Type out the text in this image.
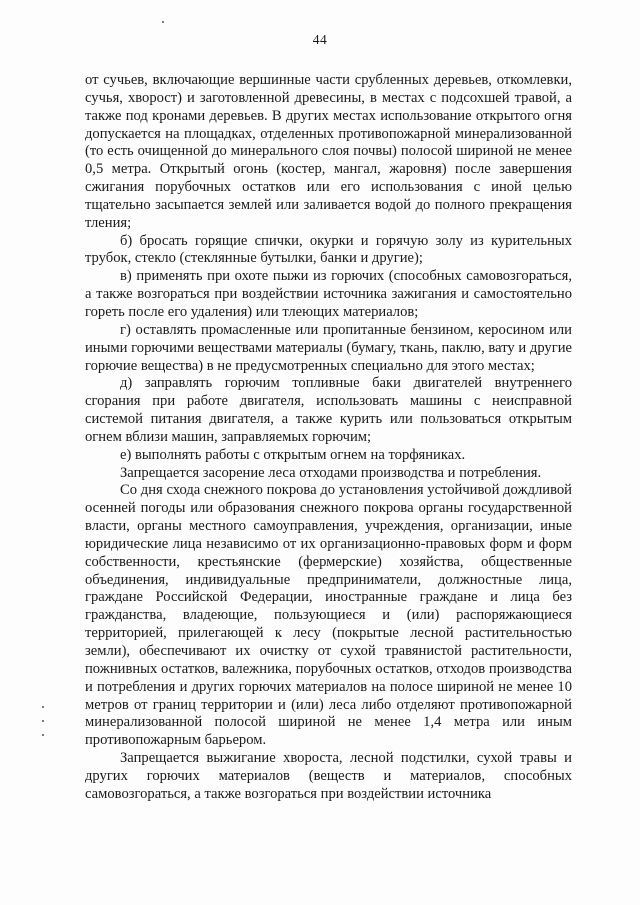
44

от сучьев, включающие вершинные части срубленных деревьев, откомлевки, сучья, хворост) и заготовленной древесины, в местах с подсохшей травой, а также под кронами деревьев. В других местах использование открытого огня допускается на площадках, отделенных противопожарной минерализованной (то есть очищенной до минерального слоя почвы) полосой шириной не менее 0,5 метра. Открытый огонь (костер, мангал, жаровня) после завершения сжигания порубочных остатков или его использования с иной целью тщательно засыпается землей или заливается водой до полного прекращения тления;

б) бросать горящие спички, окурки и горячую золу из курительных трубок, стекло (стеклянные бутылки, банки и другие);

в) применять при охоте пыжи из горючих (способных самовозгораться, а также возгораться при воздействии источника зажигания и самостоятельно гореть после его удаления) или тлеющих материалов;

г) оставлять промасленные или пропитанные бензином, керосином или иными горючими веществами материалы (бумагу, ткань, паклю, вату и другие горючие вещества) в не предусмотренных специально для этого местах;

д) заправлять горючим топливные баки двигателей внутреннего сгорания при работе двигателя, использовать машины с неисправной системой питания двигателя, а также курить или пользоваться открытым огнем вблизи машин, заправляемых горючим;

е) выполнять работы с открытым огнем на торфяниках.

Запрещается засорение леса отходами производства и потребления.

Со дня схода снежного покрова до установления устойчивой дождливой осенней погоды или образования снежного покрова органы государственной власти, органы местного самоуправления, учреждения, организации, иные юридические лица независимо от их организационно-правовых форм и форм собственности, крестьянские (фермерские) хозяйства, общественные объединения, индивидуальные предприниматели, должностные лица, граждане Российской Федерации, иностранные граждане и лица без гражданства, владеющие, пользующиеся и (или) распоряжающиеся территорией, прилегающей к лесу (покрытые лесной растительностью земли), обеспечивают их очистку от сухой травянистой растительности, пожнивных остатков, валежника, порубочных остатков, отходов производства и потребления и других горючих материалов на полосе шириной не менее 10 метров от границ территории и (или) леса либо отделяют противопожарной минерализованной полосой шириной не менее 1,4 метра или иным противопожарным барьером.

Запрещается выжигание хвороста, лесной подстилки, сухой травы и других горючих материалов (веществ и материалов, способных самовозгораться, а также возгораться при воздействии источника
